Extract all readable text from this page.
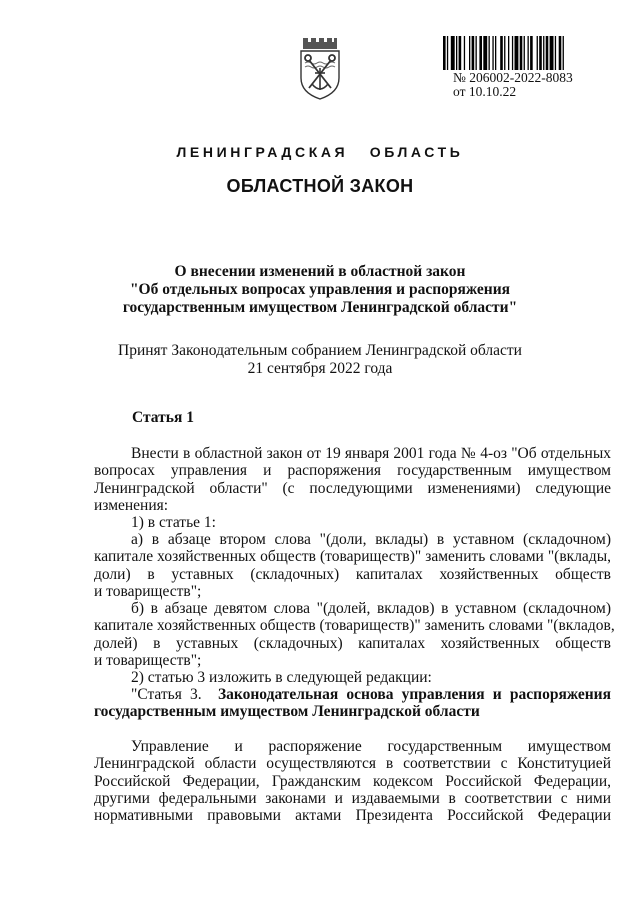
№ 206002-2022-8083
от 10.10.22
ЛЕНИНГРАДСКАЯ ОБЛАСТЬ
ОБЛАСТНОЙ ЗАКОН
О внесении изменений в областной закон
"Об отдельных вопросах управления и распоряжения
государственным имуществом Ленинградской области"
Принят Законодательным собранием Ленинградской области
21 сентября 2022 года
Статья 1
Внести в областной закон от 19 января 2001 года № 4-оз "Об отдельных
вопросах управления и распоряжения государственным имуществом
Ленинградской области" (с последующими изменениями) следующие
изменения:
1) в статье 1:
а) в абзаце втором слова "(доли, вклады) в уставном (складочном)
капитале хозяйственных обществ (товариществ)" заменить словами "(вклады,
доли) в уставных (складочных) капиталах хозяйственных обществ
и товариществ";
б) в абзаце девятом слова "(долей, вкладов) в уставном (складочном)
капитале хозяйственных обществ (товариществ)" заменить словами "(вкладов,
долей) в уставных (складочных) капиталах хозяйственных обществ
и товариществ";
2) статью 3 изложить в следующей редакции:
"Статья 3. Законодательная основа управления и распоряжения
государственным имуществом Ленинградской области
Управление и распоряжение государственным имуществом
Ленинградской области осуществляются в соответствии с Конституцией
Российской Федерации, Гражданским кодексом Российской Федерации,
другими федеральными законами и издаваемыми в соответствии с ними
нормативными правовыми актами Президента Российской Федерации
